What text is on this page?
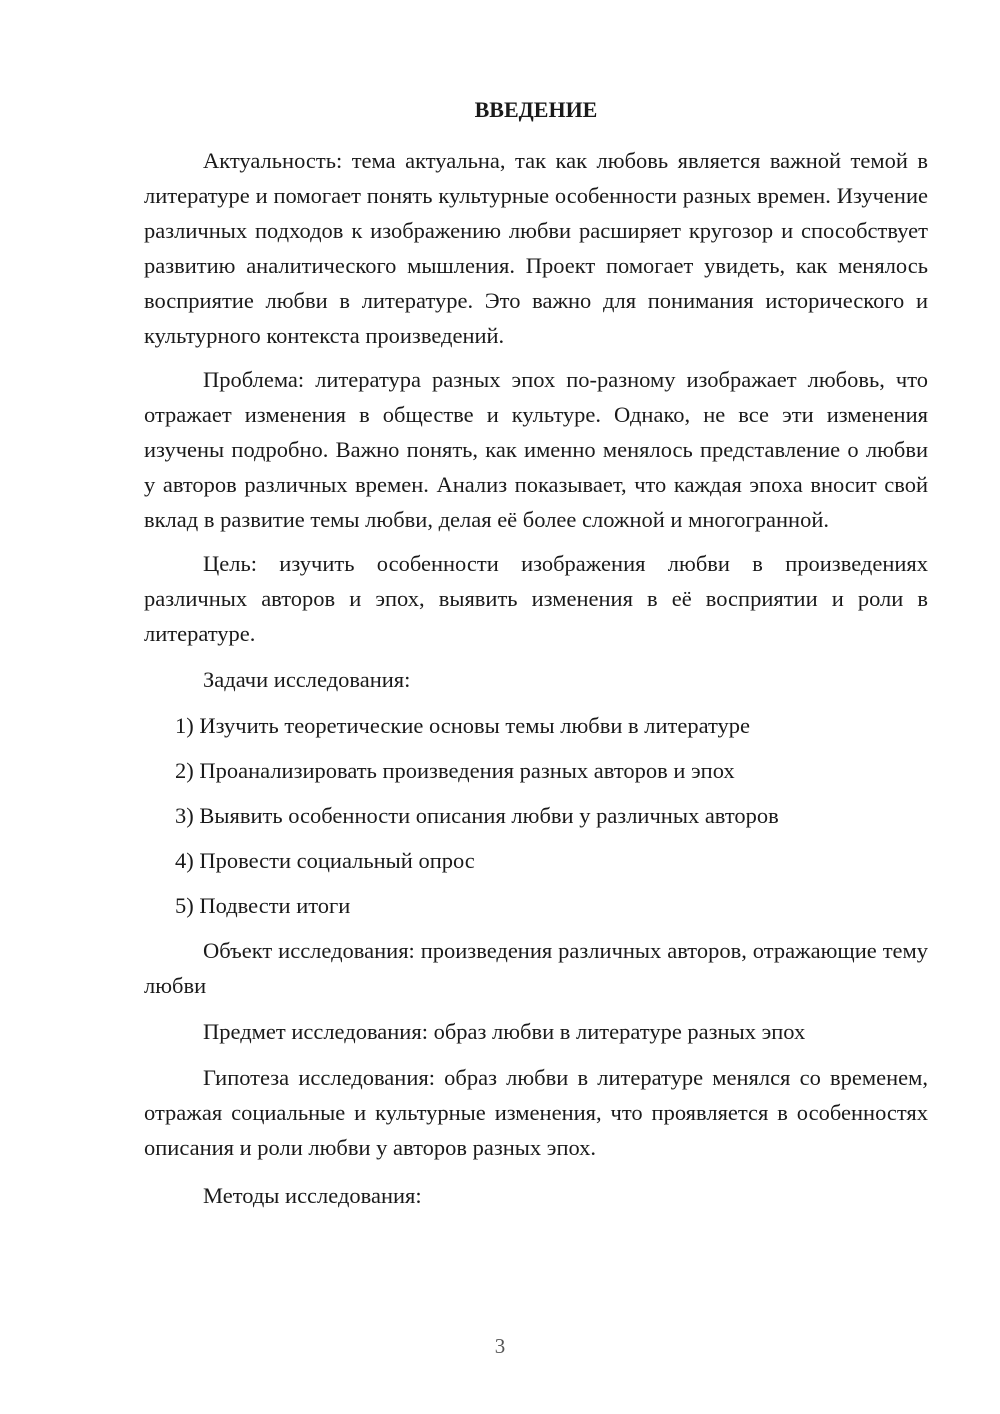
ВВЕДЕНИЕ

Актуальность: тема актуальна, так как любовь является важной темой в литературе и помогает понять культурные особенности разных времен. Изучение различных подходов к изображению любви расширяет кругозор и способствует развитию аналитического мышления. Проект помогает увидеть, как менялось восприятие любви в литературе. Это важно для понимания исторического и культурного контекста произведений.

Проблема: литература разных эпох по-разному изображает любовь, что отражает изменения в обществе и культуре. Однако, не все эти изменения изучены подробно. Важно понять, как именно менялось представление о любви у авторов различных времен. Анализ показывает, что каждая эпоха вносит свой вклад в развитие темы любви, делая её более сложной и многогранной.

Цель: изучить особенности изображения любви в произведениях различных авторов и эпох, выявить изменения в её восприятии и роли в литературе.

Задачи исследования:

1) Изучить теоретические основы темы любви в литературе

2) Проанализировать произведения разных авторов и эпох

3) Выявить особенности описания любви у различных авторов

4) Провести социальный опрос

5) Подвести итоги

Объект исследования: произведения различных авторов, отражающие тему любви

Предмет исследования: образ любви в литературе разных эпох

Гипотеза исследования: образ любви в литературе менялся со временем, отражая социальные и культурные изменения, что проявляется в особенностях описания и роли любви у авторов разных эпох.

Методы исследования:

3
